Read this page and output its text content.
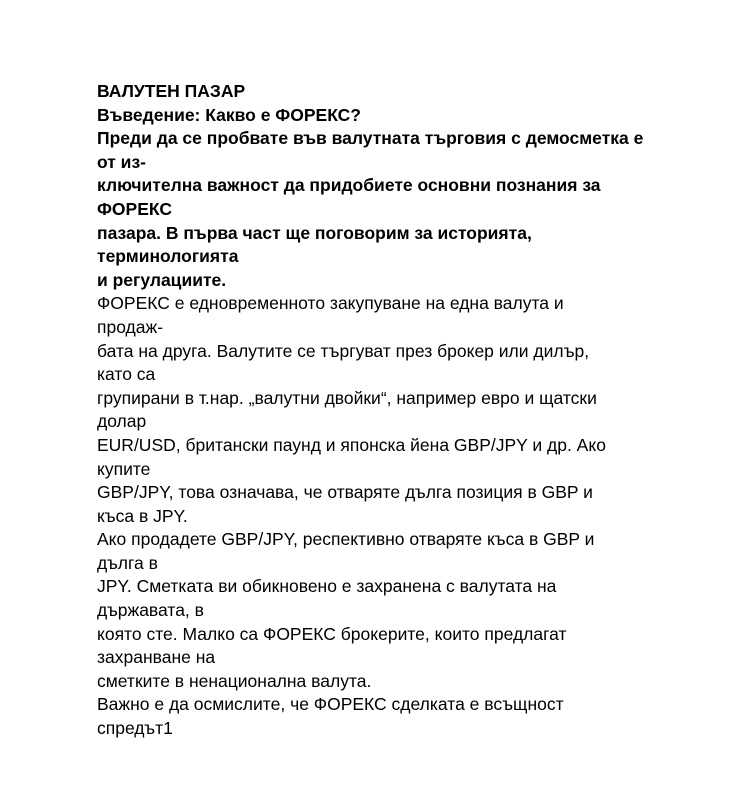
ВАЛУТЕН ПАЗАР
Въведение: Какво е ФОРЕКС?
Преди да се пробвате във валутната търговия с демосметка е
от из-
ключителна важност да придобиете основни познания за
ФОРЕКС
пазара. В първа част ще поговорим за историята,
терминологията
и регулациите.
ФОРЕКС е едновременното закупуване на една валута и
продаж-
бата на друга. Валутите се търгуват през брокер или дилър,
като са
групирани в т.нар. „валутни двойки“, например евро и щатски
долар
EUR/USD, британски паунд и японска йена GBP/JPY и др. Ако
купите
GBP/JPY, това означава, че отваряте дълга позиция в GBP и
къса в JPY.
Ако продадете GBP/JPY, респективно отваряте къса в GBP и
дълга в
JPY. Сметката ви обикновено е захранена с валутата на
държавата, в
която сте. Малко са ФОРЕКС брокерите, които предлагат
захранване на
сметките в ненационална валута.
Важно е да осмислите, че ФОРЕКС сделката е всъщност
спредът1
